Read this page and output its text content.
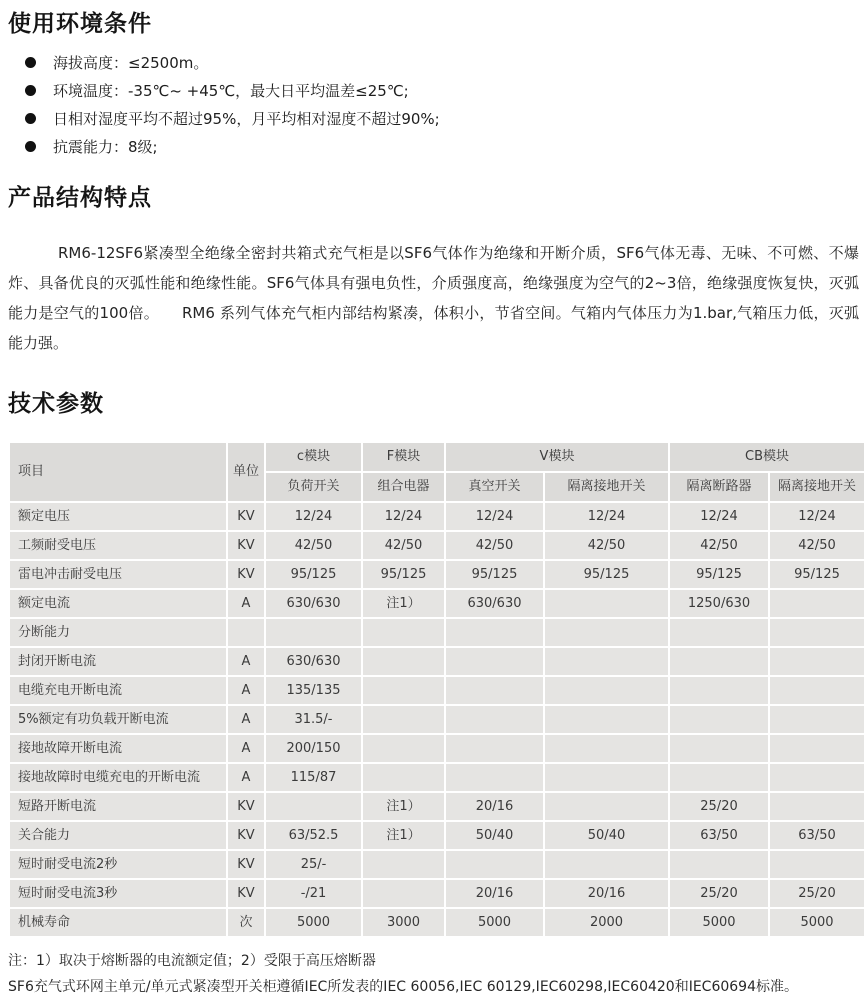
使用环境条件
海拔高度：≤2500m。
环境温度：-35℃~ +45℃，最大日平均温差≤25℃;
日相对湿度平均不超过95%，月平均相对湿度不超过90%;
抗震能力：8级;
产品结构特点

RM6-12SF6紧凑型全绝缘全密封共箱式充气柜是以SF6气体作为绝缘和开断介质，SF6气体无毒、无味、不可燃、不爆炸、具备优良的灭弧性能和绝缘性能。SF6气体具有强电负性，介质强度高，绝缘强度为空气的2~3倍，绝缘强度恢复快，灭弧能力是空气的100倍。　　RM6 系列气体充气柜内部结构紧凑，体积小，节省空间。气箱内气体压力为1.bar,气箱压力低，灭弧能力强。

技术参数
项目	单位	c模块	F模块	V模块		CB模块	
		负荷开关	组合电器	真空开关	隔离接地开关	隔离断路器	隔离接地开关
额定电压	KV	12/24	12/24	12/24	12/24	12/24	12/24
工频耐受电压	KV	42/50	42/50	42/50	42/50	42/50	42/50
雷电冲击耐受电压	KV	95/125	95/125	95/125	95/125	95/125	95/125
额定电流	A	630/630	注1）	630/630		1250/630	
分断能力							
封闭开断电流	A	630/630					
电缆充电开断电流	A	135/135					
5%额定有功负载开断电流	A	31.5/-					
接地故障开断电流	A	200/150					
接地故障时电缆充电的开断电流	A	115/87					
短路开断电流	KV		注1）	20/16		25/20	
关合能力	KV	63/52.5	注1）	50/40	50/40	63/50	63/50
短时耐受电流2秒	KV	25/-					
短时耐受电流3秒	KV	-/21		20/16	20/16	25/20	25/20
机械寿命	次	5000	3000	5000	2000	5000	5000

注：1）取决于熔断器的电流额定值；2）受限于高压熔断器

SF6充气式环网主单元/单元式紧凑型开关柜遵循IEC所发表的IEC 60056,IEC 60129,IEC60298,IEC60420和IEC60694标准。
